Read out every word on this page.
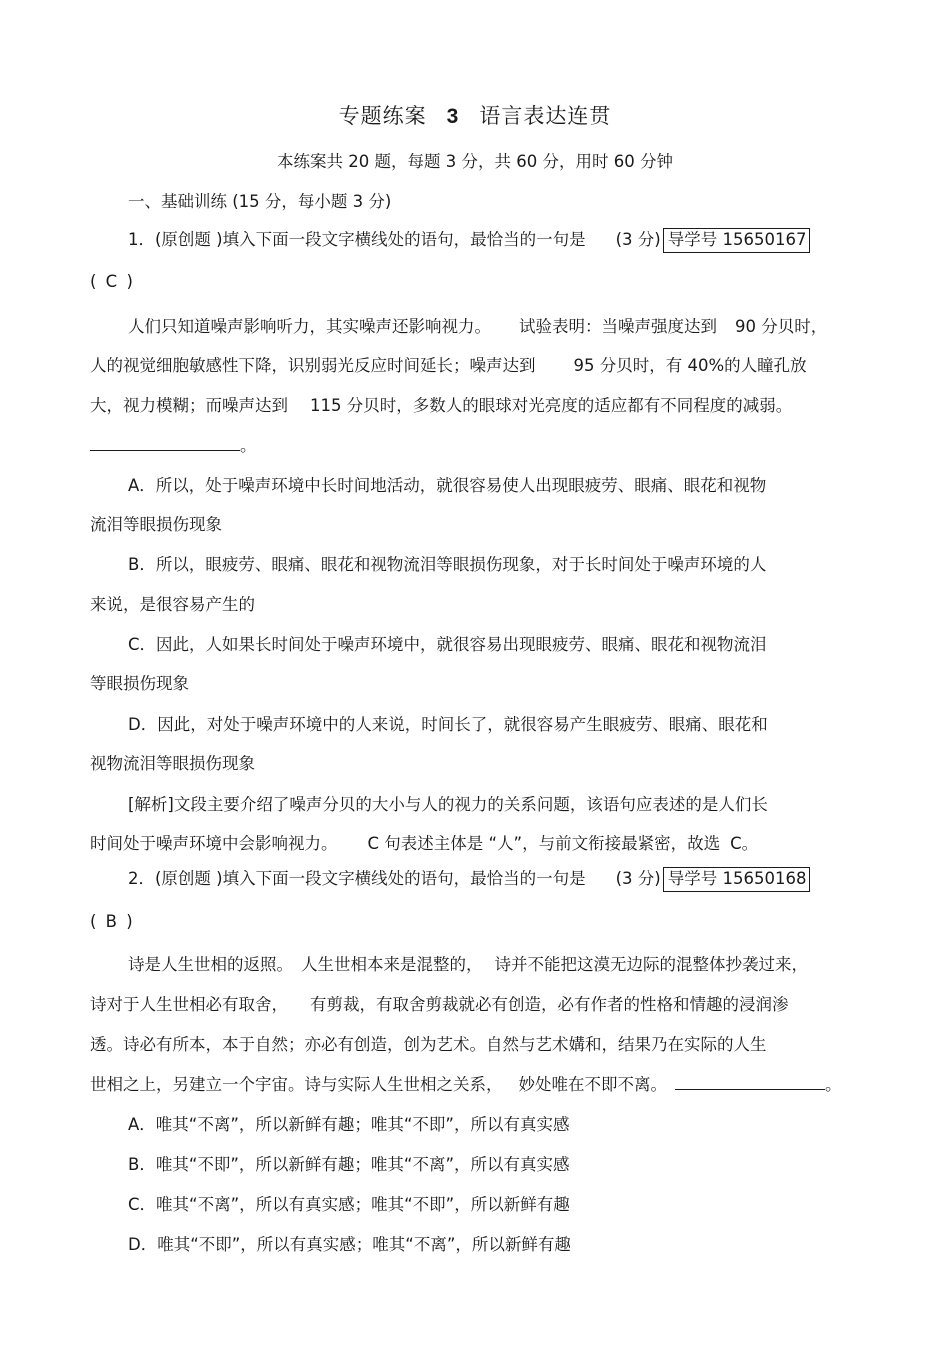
专题练案 3 语言表达连贯
本练案共 20 题，每题 3 分，共 60 分，用时 60 分钟
一、基础训练 (15 分，每小题 3 分)
1．(原创题 )填入下面一段文字横线处的语句，最恰当的一句是 (3 分) 导学号 15650167
( C )
人们只知道噪声影响听力，其实噪声还影响视力。 试验表明：当噪声强度达到 90 分贝时，
人的视觉细胞敏感性下降，识别弱光反应时间延长；噪声达到 95 分贝时，有 40%的人瞳孔放
大，视力模糊；而噪声达到 115 分贝时，多数人的眼球对光亮度的适应都有不同程度的减弱。
。
A．所以，处于噪声环境中长时间地活动，就很容易使人出现眼疲劳、眼痛、眼花和视物
流泪等眼损伤现象
B．所以，眼疲劳、眼痛、眼花和视物流泪等眼损伤现象，对于长时间处于噪声环境的人
来说，是很容易产生的
C．因此，人如果长时间处于噪声环境中，就很容易出现眼疲劳、眼痛、眼花和视物流泪
等眼损伤现象
D．因此，对处于噪声环境中的人来说，时间长了，就很容易产生眼疲劳、眼痛、眼花和
视物流泪等眼损伤现象
[解析]文段主要介绍了噪声分贝的大小与人的视力的关系问题，该语句应表述的是人们长
时间处于噪声环境中会影响视力。 C 句表述主体是 “人”，与前文衔接最紧密，故选 C。
2．(原创题 )填入下面一段文字横线处的语句，最恰当的一句是 (3 分) 导学号 15650168
( B )
诗是人生世相的返照。 人生世相本来是混整的， 诗并不能把这漠无边际的混整体抄袭过来，
诗对于人生世相必有取舍， 有剪裁，有取舍剪裁就必有创造，必有作者的性格和情趣的浸润渗
透。诗必有所本，本于自然；亦必有创造，创为艺术。自然与艺术媾和，结果乃在实际的人生
世相之上，另建立一个宇宙。诗与实际人生世相之关系， 妙处唯在不即不离。	。
A．唯其“不离”，所以新鲜有趣；唯其“不即”，所以有真实感
B．唯其“不即”，所以新鲜有趣；唯其“不离”，所以有真实感
C．唯其“不离”，所以有真实感；唯其“不即”，所以新鲜有趣
D．唯其“不即”，所以有真实感；唯其“不离”，所以新鲜有趣
